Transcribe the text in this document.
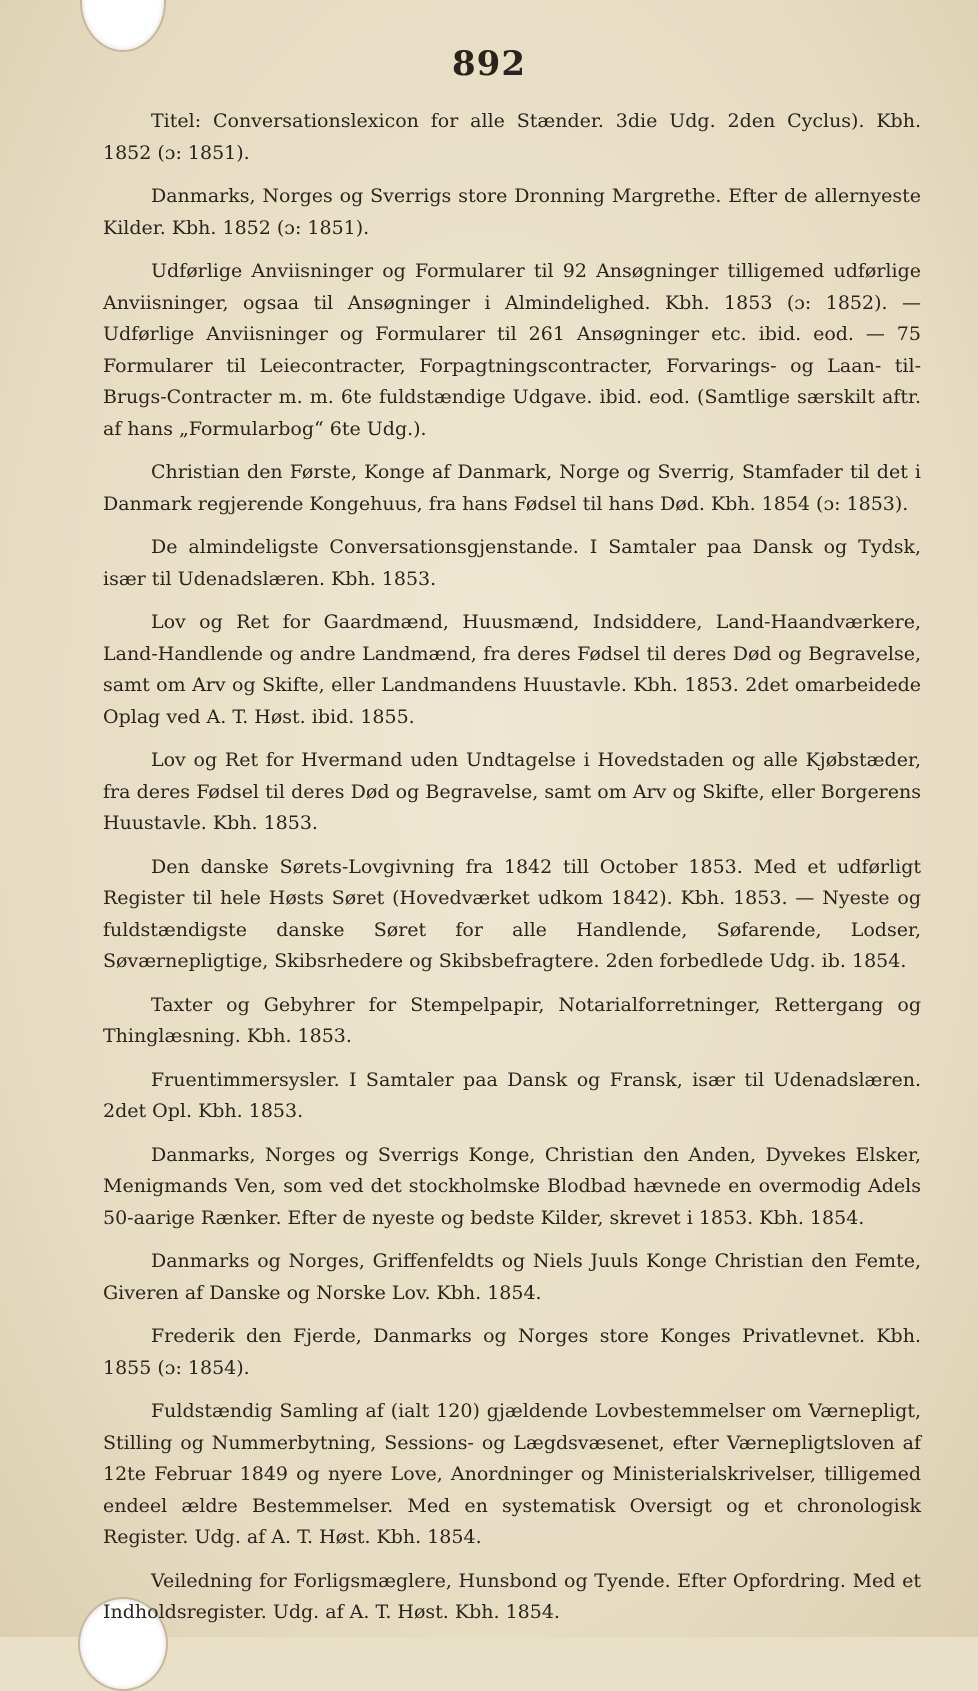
892

Titel: Conversationslexicon for alle Stænder. 3die Udg. 2den Cyclus). Kbh. 1852 (ɔ: 1851).

Danmarks, Norges og Sverrigs store Dronning Margrethe. Efter de allernyeste Kilder. Kbh. 1852 (ɔ: 1851).

Udførlige Anviisninger og Formularer til 92 Ansøgninger tilligemed udførlige Anviisninger, ogsaa til Ansøgninger i Almindelighed. Kbh. 1853 (ɔ: 1852). — Udførlige Anviisninger og Formularer til 261 Ansøgninger etc. ibid. eod. — 75 Formularer til Leiecontracter, Forpagtningscontracter, Forvarings- og Laan- til- Brugs-Contracter m. m. 6te fuldstændige Udgave. ibid. eod. (Samtlige særskilt aftr. af hans „Formularbog“ 6te Udg.).

Christian den Første, Konge af Danmark, Norge og Sverrig, Stamfader til det i Danmark regjerende Kongehuus, fra hans Fødsel til hans Død. Kbh. 1854 (ɔ: 1853).

De almindeligste Conversationsgjenstande. I Samtaler paa Dansk og Tydsk, især til Udenadslæren. Kbh. 1853.

Lov og Ret for Gaardmænd, Huusmænd, Indsiddere, Land-Haandværkere, Land-Handlende og andre Landmænd, fra deres Fødsel til deres Død og Begravelse, samt om Arv og Skifte, eller Landmandens Huustavle. Kbh. 1853. 2det omarbeidede Oplag ved A. T. Høst. ibid. 1855.

Lov og Ret for Hvermand uden Undtagelse i Hovedstaden og alle Kjøbstæder, fra deres Fødsel til deres Død og Begravelse, samt om Arv og Skifte, eller Borgerens Huustavle. Kbh. 1853.

Den danske Sørets-Lovgivning fra 1842 till October 1853. Med et udførligt Register til hele Høsts Søret (Hovedværket udkom 1842). Kbh. 1853. — Nyeste og fuldstændigste danske Søret for alle Handlende, Søfarende, Lodser, Søværnepligtige, Skibsrhedere og Skibsbefragtere. 2den forbedlede Udg. ib. 1854.

Taxter og Gebyhrer for Stempelpapir, Notarialforretninger, Rettergang og Thinglæsning. Kbh. 1853.

Fruentimmersysler. I Samtaler paa Dansk og Fransk, især til Udenadslæren. 2det Opl. Kbh. 1853.

Danmarks, Norges og Sverrigs Konge, Christian den Anden, Dyvekes Elsker, Menigmands Ven, som ved det stockholmske Blodbad hævnede en overmodig Adels 50-aarige Rænker. Efter de nyeste og bedste Kilder, skrevet i 1853. Kbh. 1854.

Danmarks og Norges, Griffenfeldts og Niels Juuls Konge Christian den Femte, Giveren af Danske og Norske Lov. Kbh. 1854.

Frederik den Fjerde, Danmarks og Norges store Konges Privatlevnet. Kbh. 1855 (ɔ: 1854).

Fuldstændig Samling af (ialt 120) gjældende Lovbestemmelser om Værnepligt, Stilling og Nummerbytning, Sessions- og Lægdsvæsenet, efter Værnepligtsloven af 12te Februar 1849 og nyere Love, Anordninger og Ministerialskrivelser, tilligemed endeel ældre Bestemmelser. Med en systematisk Oversigt og et chronologisk Register. Udg. af A. T. Høst. Kbh. 1854.

Veiledning for Forligsmæglere, Hunsbond og Tyende. Efter Opfordring. Med et Indholdsregister. Udg. af A. T. Høst. Kbh. 1854.
